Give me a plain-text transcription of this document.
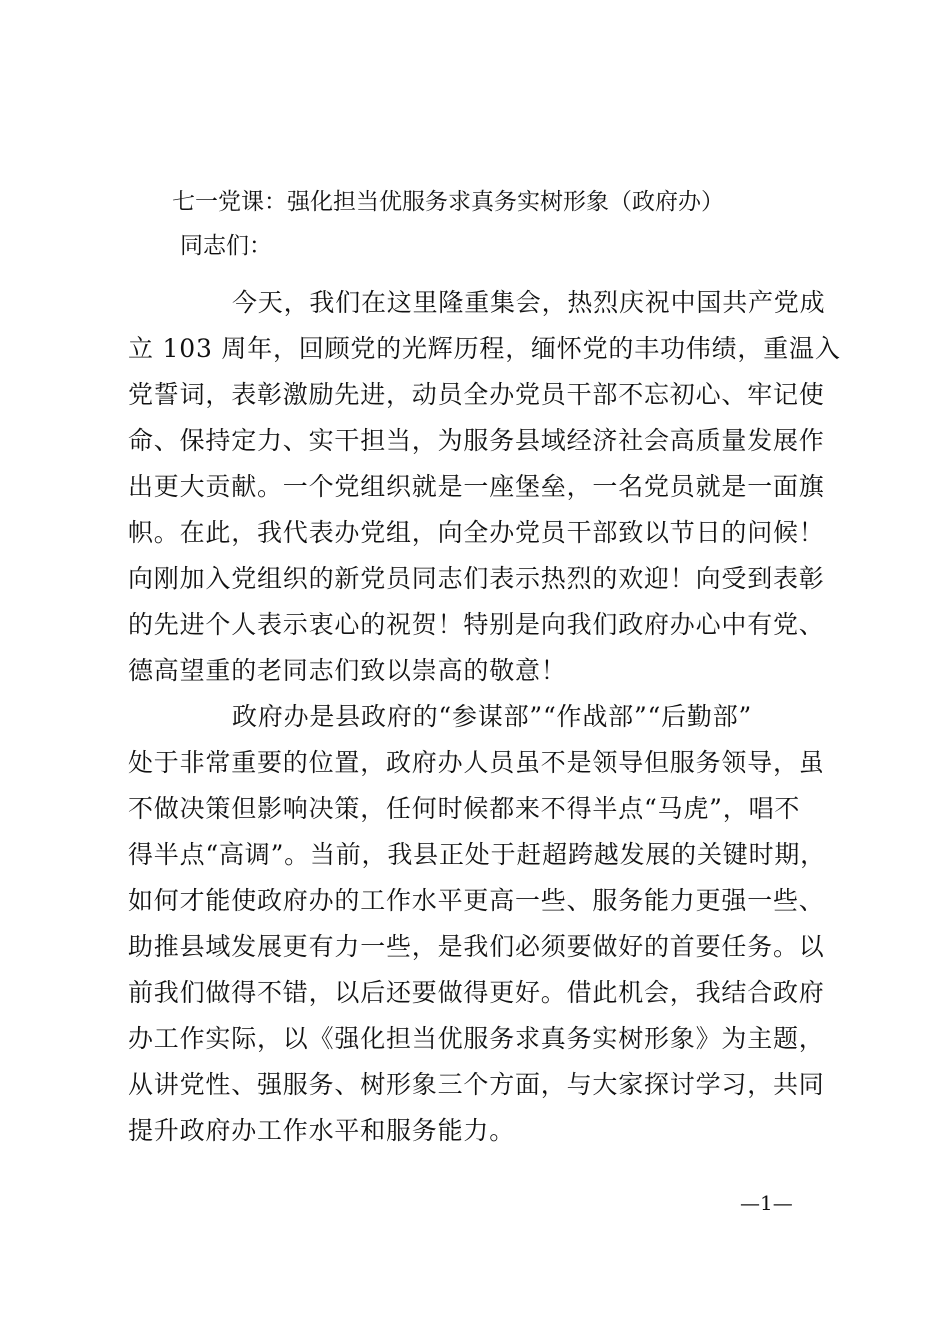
七一党课：强化担当优服务求真务实树形象（政府办）
同志们：
今天，我们在这里隆重集会，热烈庆祝中国共产党成
立 103 周年，回顾党的光辉历程，缅怀党的丰功伟绩，重温入
党誓词，表彰激励先进，动员全办党员干部不忘初心、牢记使
命、保持定力、实干担当，为服务县域经济社会高质量发展作
出更大贡献。一个党组织就是一座堡垒，一名党员就是一面旗
帜。在此，我代表办党组，向全办党员干部致以节日的问候！
向刚加入党组织的新党员同志们表示热烈的欢迎！向受到表彰
的先进个人表示衷心的祝贺！特别是向我们政府办心中有党、
德高望重的老同志们致以崇高的敬意！
政府办是县政府的“参谋部”“作战部”“后勤部”
处于非常重要的位置，政府办人员虽不是领导但服务领导，虽
不做决策但影响决策，任何时候都来不得半点“马虎”，唱不
得半点“高调”。当前，我县正处于赶超跨越发展的关键时期，
如何才能使政府办的工作水平更高一些、服务能力更强一些、
助推县域发展更有力一些，是我们必须要做好的首要任务。以
前我们做得不错，以后还要做得更好。借此机会，我结合政府
办工作实际，以《强化担当优服务求真务实树形象》为主题，
从讲党性、强服务、树形象三个方面，与大家探讨学习，共同
提升政府办工作水平和服务能力。
—1—
